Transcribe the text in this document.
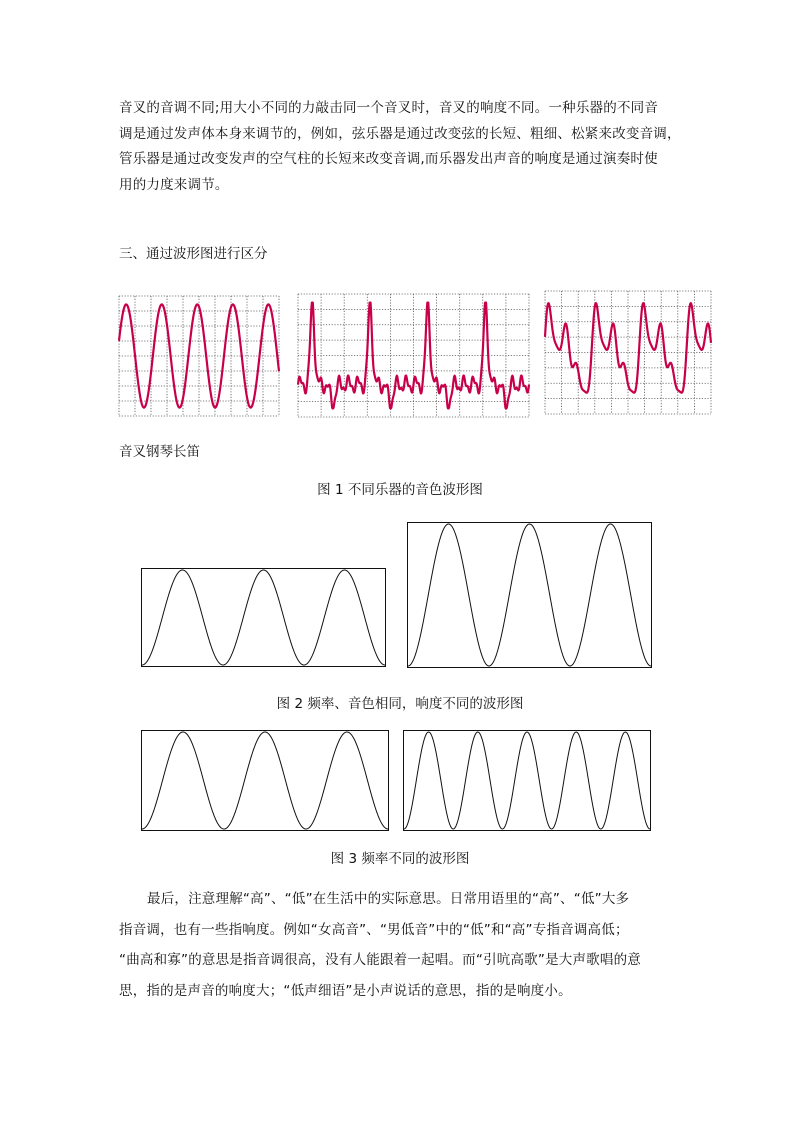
音叉的音调不同;用大小不同的力敲击同一个音叉时，音叉的响度不同。一种乐器的不同音
调是通过发声体本身来调节的，例如，弦乐器是通过改变弦的长短、粗细、松紧来改变音调，
管乐器是通过改变发声的空气柱的长短来改变音调,而乐器发出声音的响度是通过演奏时使
用的力度来调节。
三、通过波形图进行区分
音叉钢琴长笛
图 1 不同乐器的音色波形图
图 2 频率、音色相同，响度不同的波形图
图 3 频率不同的波形图
最后，注意理解“高”、“低”在生活中的实际意思。日常用语里的“高”、“低”大多
指音调，也有一些指响度。例如“女高音”、“男低音”中的“低”和“高”专指音调高低；
“曲高和寡”的意思是指音调很高，没有人能跟着一起唱。而“引吭高歌”是大声歌唱的意
思，指的是声音的响度大；“低声细语”是小声说话的意思，指的是响度小。
